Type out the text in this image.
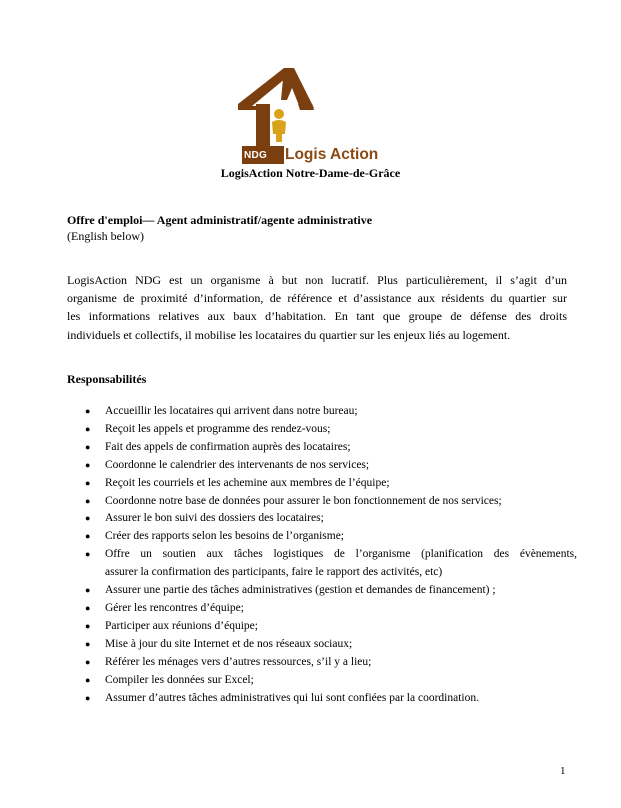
NDG Logis Action
LogisAction Notre-Dame-de-Grâce
Offre d'emploi— Agent administratif/agente administrative
(English below)
LogisAction NDG est un organisme à but non lucratif. Plus particulièrement, il s’agit d’un
organisme de proximité d’information, de référence et d’assistance aux résidents du quartier sur
les informations relatives aux baux d’habitation. En tant que groupe de défense des droits
individuels et collectifs, il mobilise les locataires du quartier sur les enjeux liés au logement.
Responsabilités
● Accueillir les locataires qui arrivent dans notre bureau;
● Reçoit les appels et programme des rendez-vous;
● Fait des appels de confirmation auprès des locataires;
● Coordonne le calendrier des intervenants de nos services;
● Reçoit les courriels et les achemine aux membres de l’équipe;
● Coordonne notre base de données pour assurer le bon fonctionnement de nos services;
● Assurer le bon suivi des dossiers des locataires;
● Créer des rapports selon les besoins de l’organisme;
● Offre un soutien aux tâches logistiques de l’organisme (planification des évènements,
assurer la confirmation des participants, faire le rapport des activités, etc)
● Assurer une partie des tâches administratives (gestion et demandes de financement) ;
● Gérer les rencontres d’équipe;
● Participer aux réunions d’équipe;
● Mise à jour du site Internet et de nos réseaux sociaux;
● Référer les ménages vers d’autres ressources, s’il y a lieu;
● Compiler les données sur Excel;
● Assumer d’autres tâches administratives qui lui sont confiées par la coordination.
1
